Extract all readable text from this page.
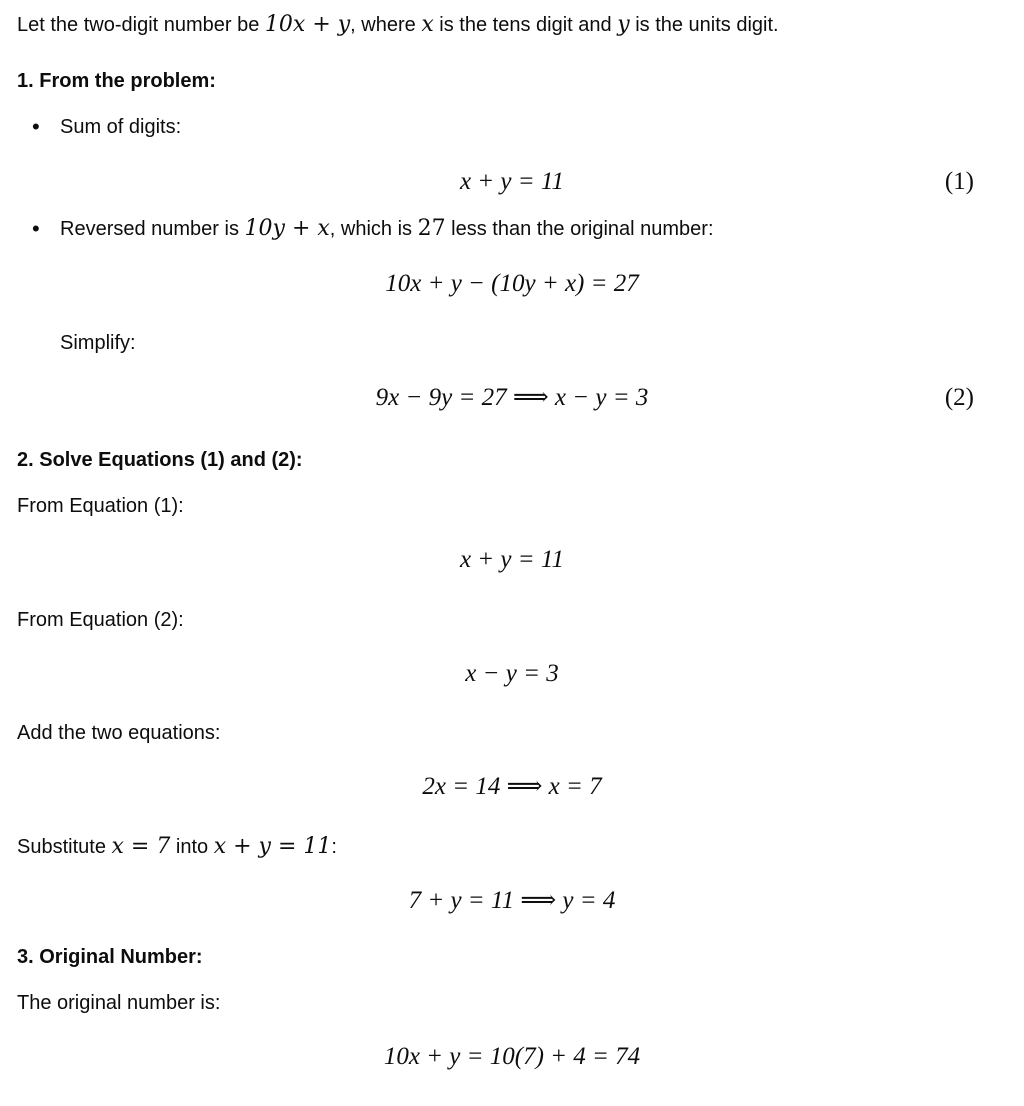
Let the two-digit number be 10x + y, where x is the tens digit and y is the units digit.
1. From the problem:
• Sum of digits:
x + y = 11	(1)
• Reversed number is 10y + x, which is 27 less than the original number:
10x + y − (10y + x) = 27
Simplify:
9x − 9y = 27 ⟹ x − y = 3	(2)
2. Solve Equations (1) and (2):
From Equation (1):
x + y = 11
From Equation (2):
x − y = 3
Add the two equations:
2x = 14 ⟹ x = 7
Substitute x = 7 into x + y = 11:
7 + y = 11 ⟹ y = 4
3. Original Number:
The original number is:
10x + y = 10(7) + 4 = 74
